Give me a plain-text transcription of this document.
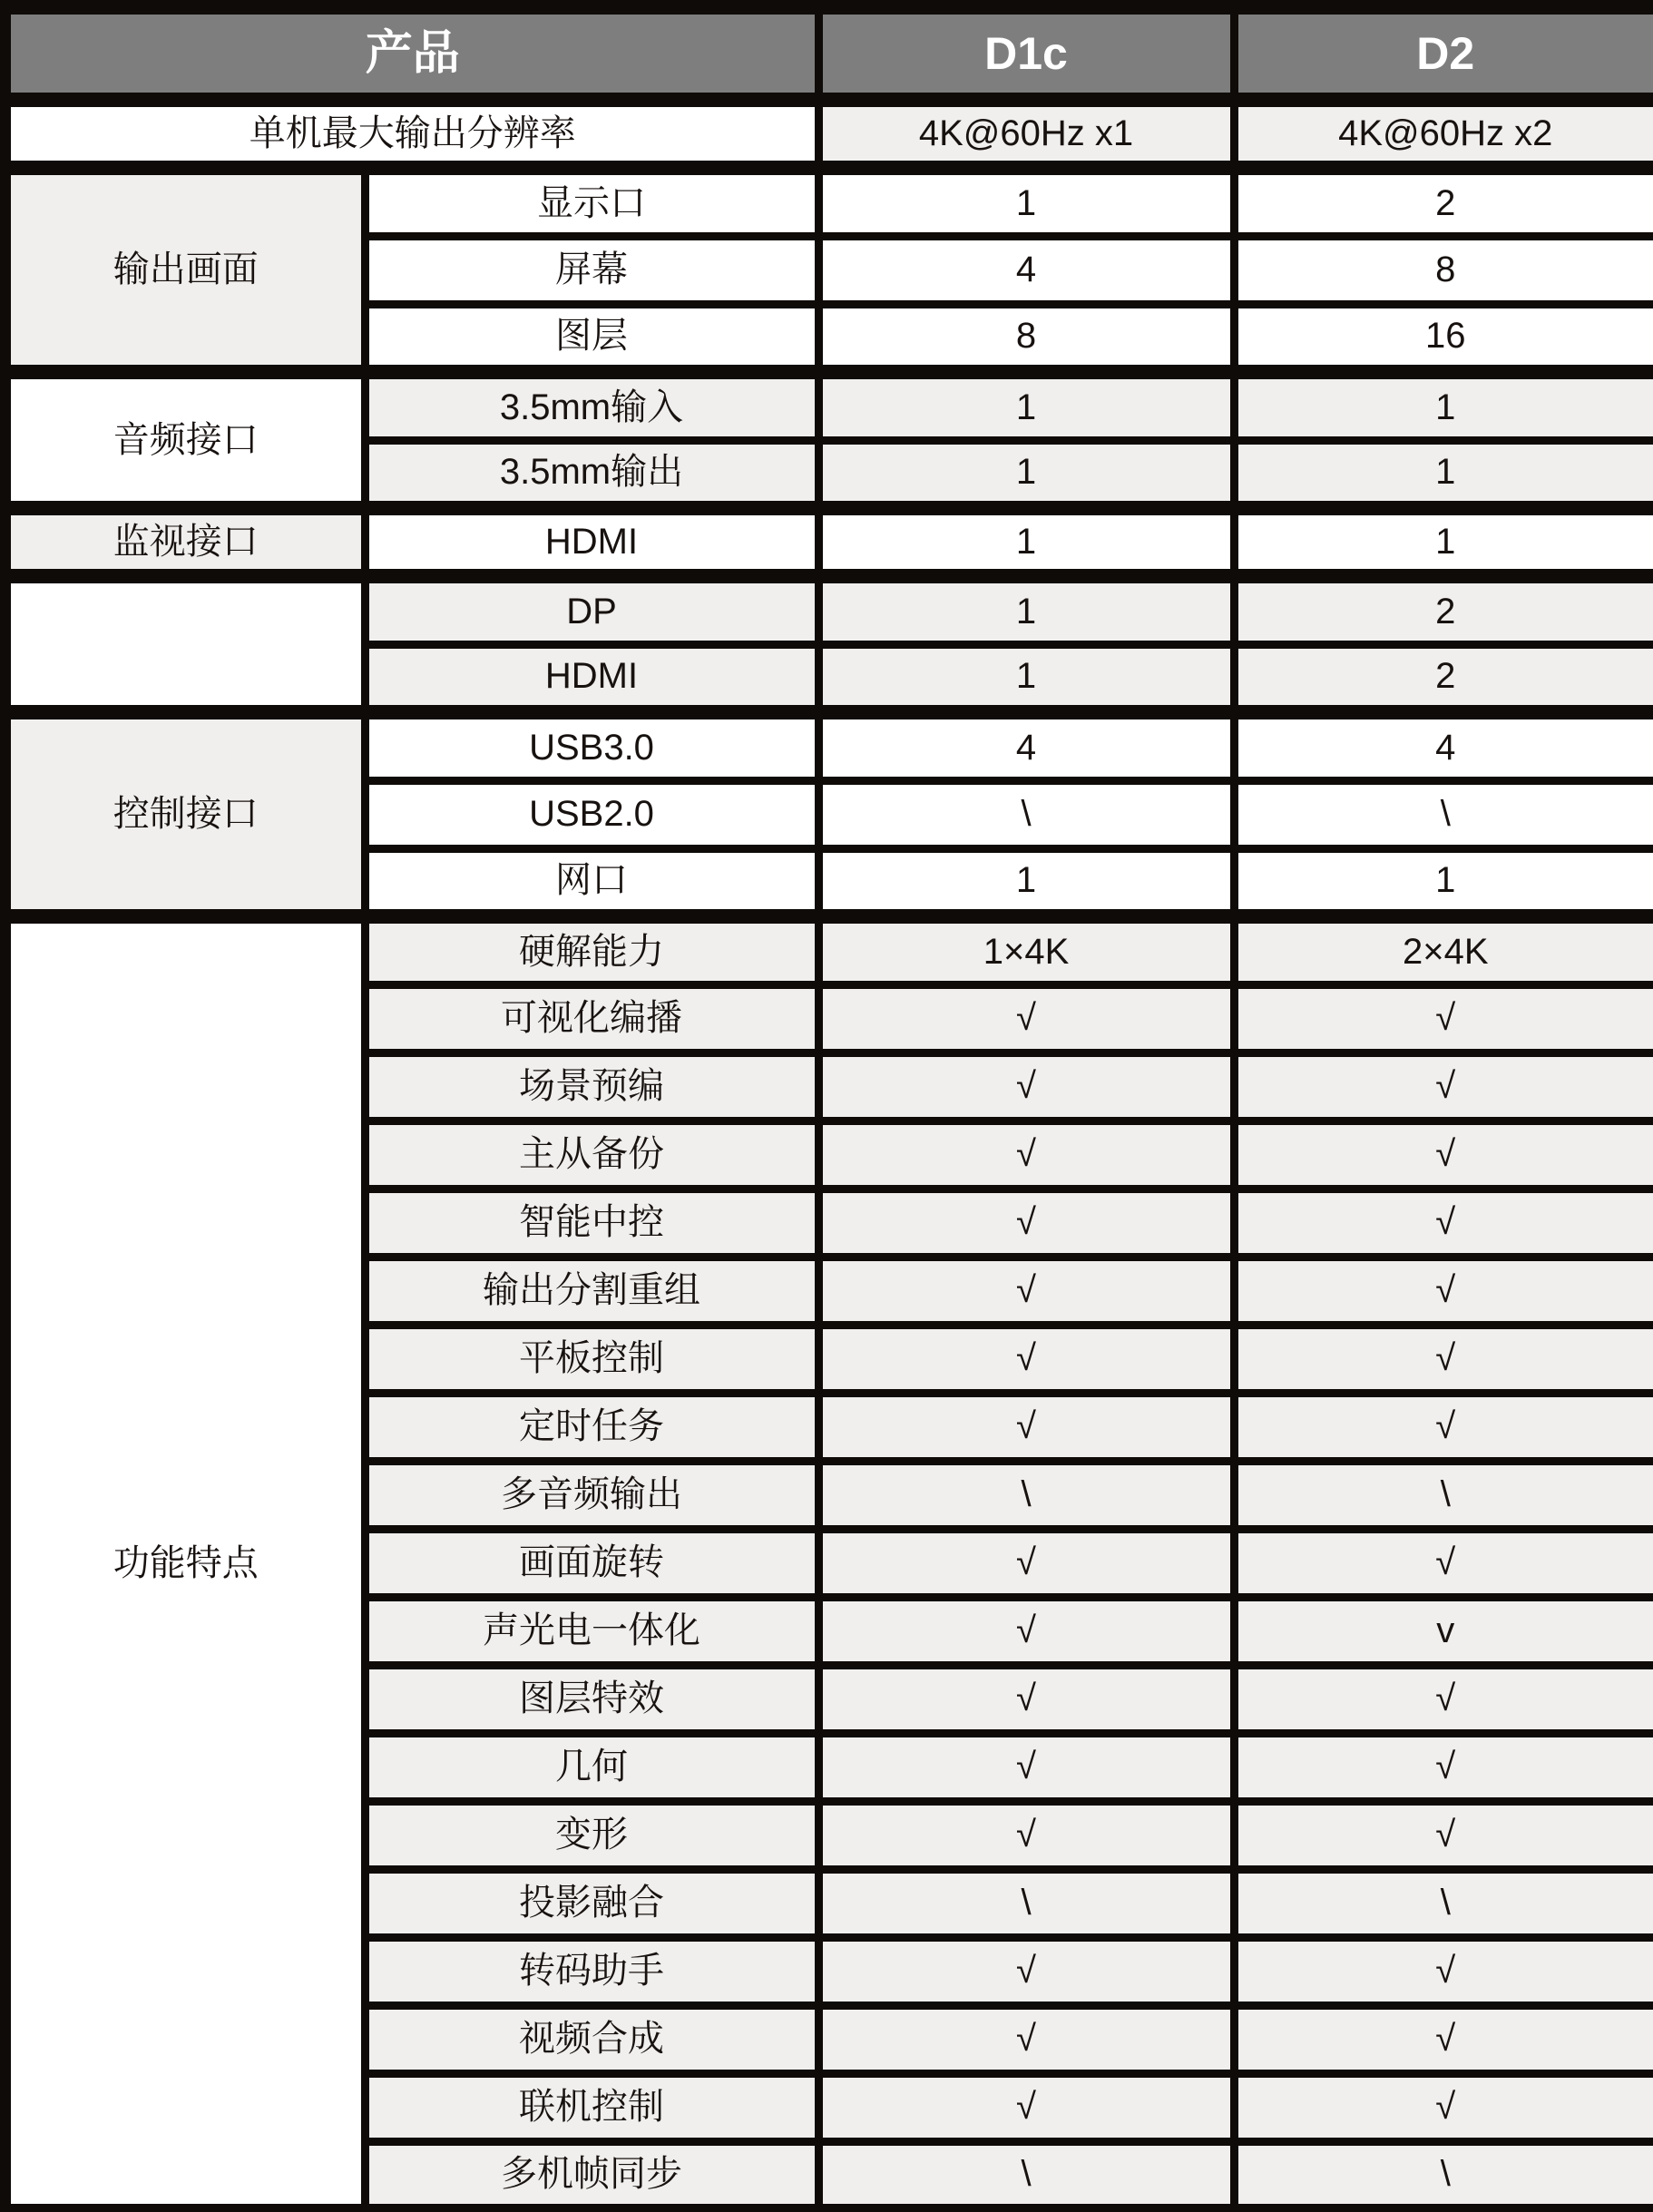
产品		D1c	D2
单机最大输出分辨率		4K@60Hz x1	4K@60Hz x2
输出画面	显示口	1	2
	屏幕	4	8
	图层	8	16
音频接口	3.5mm输入	1	1
	3.5mm输出	1	1
监视接口	HDMI	1	1
	DP	1	2
	HDMI	1	2
控制接口	USB3.0	4	4
	USB2.0	\	\
	网口	1	1
功能特点	硬解能力	1×4K	2×4K
	可视化编播	√	√
	场景预编	√	√
	主从备份	√	√
	智能中控	√	√
	输出分割重组	√	√
	平板控制	√	√
	定时任务	√	√
	多音频输出	\	\
	画面旋转	√	√
	声光电一体化	√	v
	图层特效	√	√
	几何	√	√
	变形	√	√
	投影融合	\	\
	转码助手	√	√
	视频合成	√	√
	联机控制	√	√
	多机帧同步	\	\
